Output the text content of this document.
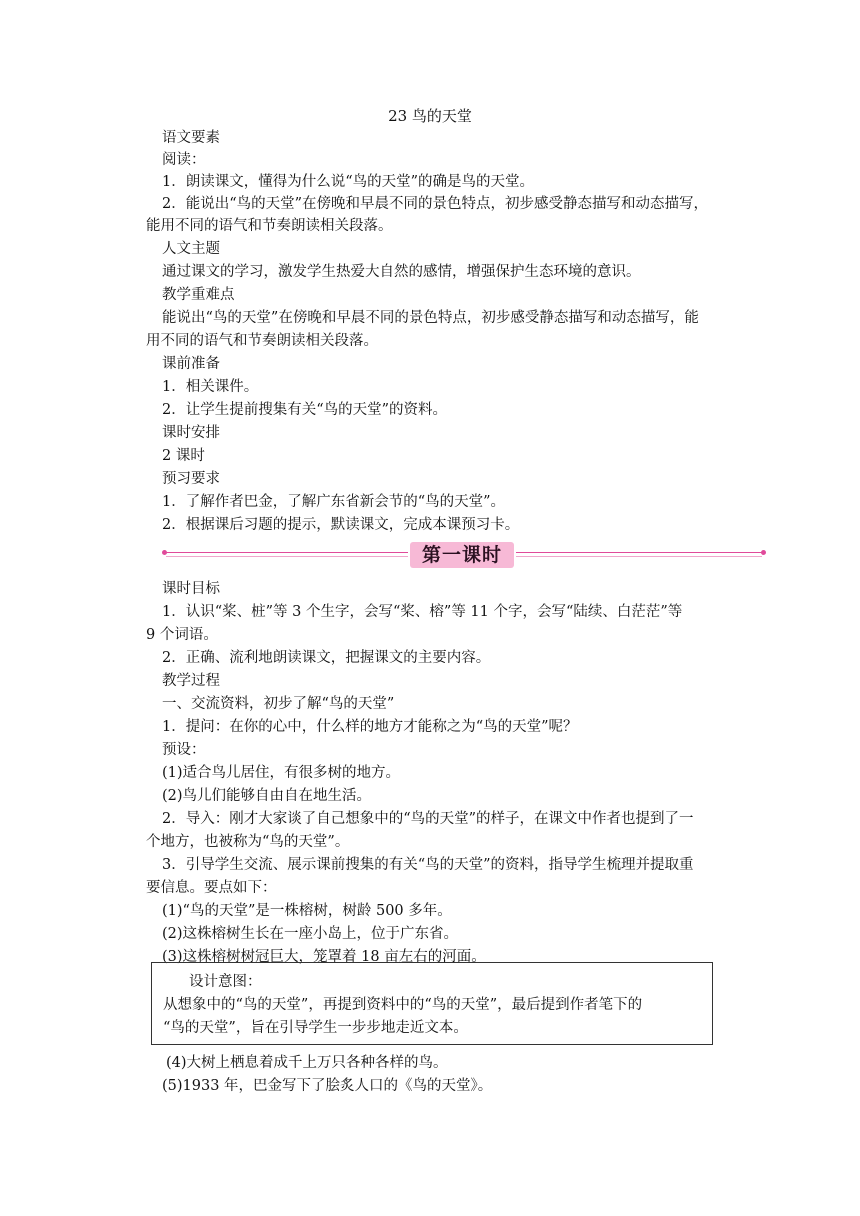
23 鸟的天堂
语文要素
阅读：
1．朗读课文，懂得为什么说“鸟的天堂”的确是鸟的天堂。
2．能说出“鸟的天堂”在傍晚和早晨不同的景色特点，初步感受静态描写和动态描写，
能用不同的语气和节奏朗读相关段落。
人文主题
通过课文的学习，激发学生热爱大自然的感情，增强保护生态环境的意识。
教学重难点
能说出“鸟的天堂”在傍晚和早晨不同的景色特点，初步感受静态描写和动态描写，能
用不同的语气和节奏朗读相关段落。
课前准备
1．相关课件。
2．让学生提前搜集有关“鸟的天堂”的资料。
课时安排
2 课时
预习要求
1．了解作者巴金，了解广东省新会节的“鸟的天堂”。
2．根据课后习题的提示，默读课文，完成本课预习卡。
第一课时
课时目标
1．认识“桨、桩”等 3 个生字，会写“桨、榕”等 11 个字，会写“陆续、白茫茫”等
9 个词语。
2．正确、流利地朗读课文，把握课文的主要内容。
教学过程
一、交流资料，初步了解“鸟的天堂”
1．提问：在你的心中，什么样的地方才能称之为“鸟的天堂”呢？
预设：
(1)适合鸟儿居住，有很多树的地方。
(2)鸟儿们能够自由自在地生活。
2．导入：刚才大家谈了自己想象中的“鸟的天堂”的样子，在课文中作者也提到了一
个地方，也被称为“鸟的天堂”。
3．引导学生交流、展示课前搜集的有关“鸟的天堂”的资料，指导学生梳理并提取重
要信息。要点如下：
(1)“鸟的天堂”是一株榕树，树龄 500 多年。
(2)这株榕树生长在一座小岛上，位于广东省。
(3)这株榕树树冠巨大，笼罩着 18 亩左右的河面。
设计意图：
从想象中的“鸟的天堂”，再提到资料中的“鸟的天堂”，最后提到作者笔下的
“鸟的天堂”，旨在引导学生一步步地走近文本。
(4)大树上栖息着成千上万只各种各样的鸟。
(5)1933 年，巴金写下了脍炙人口的《鸟的天堂》。
